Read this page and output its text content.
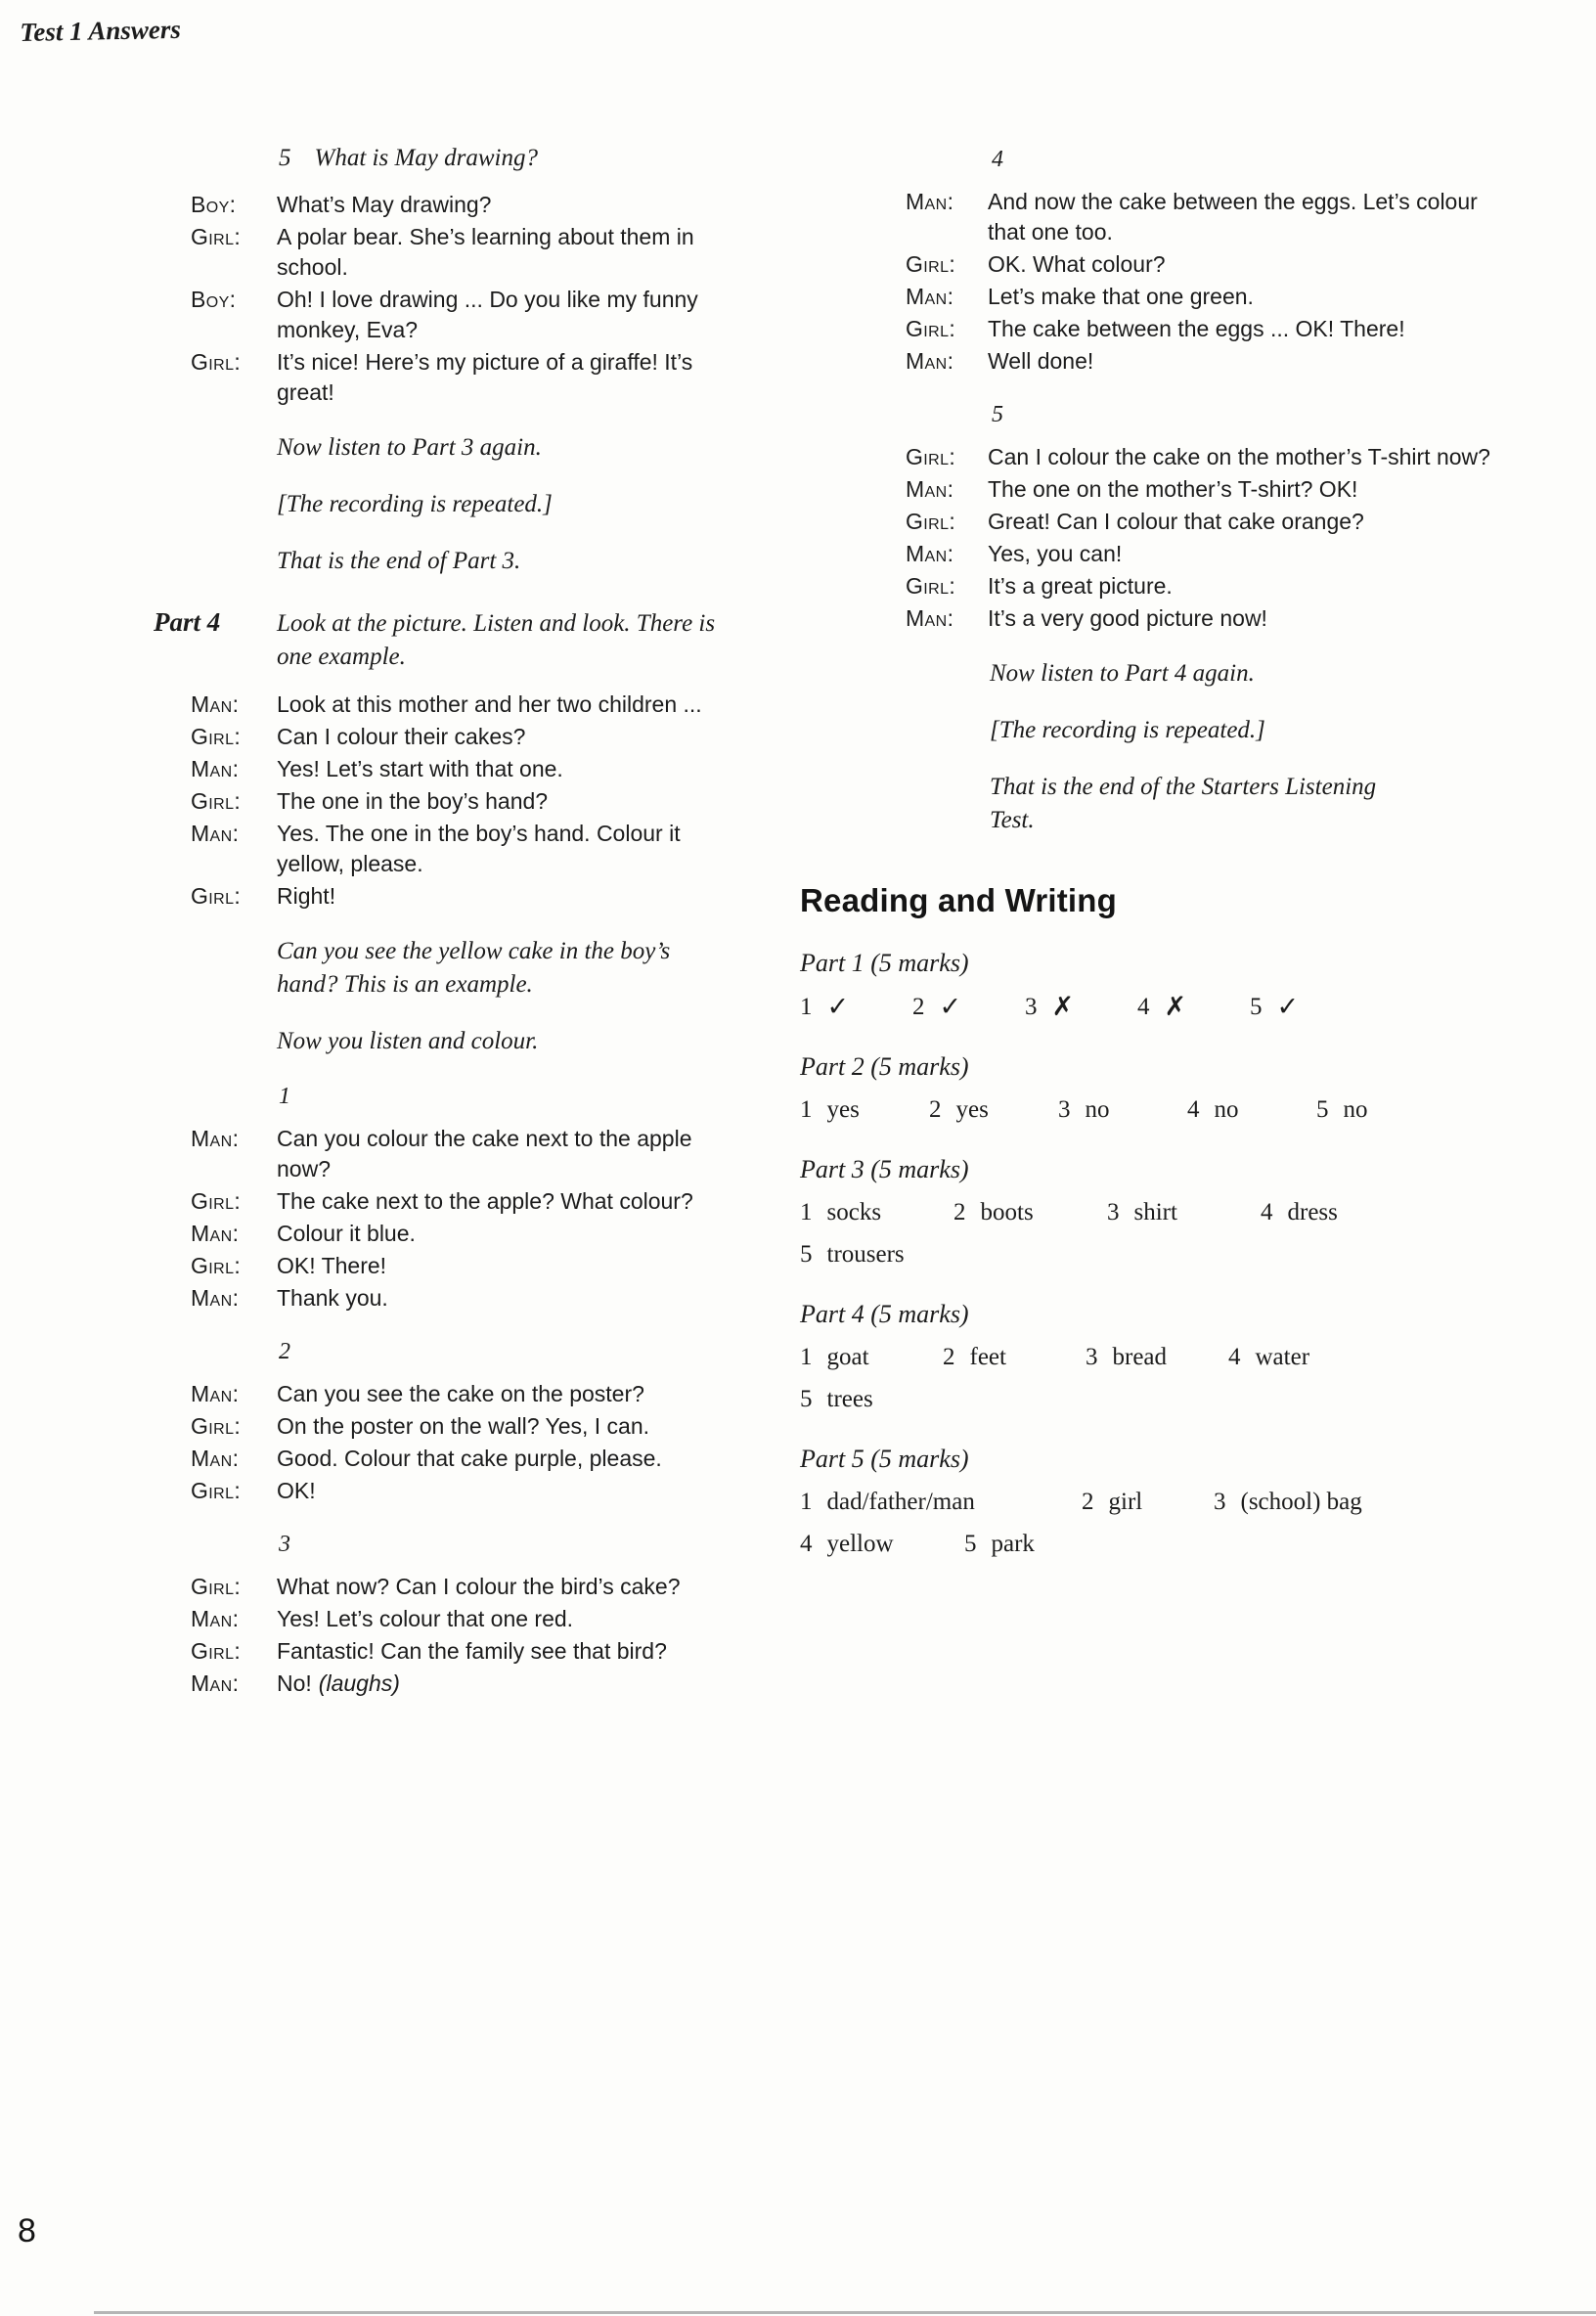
Test 1 Answers
5 What is May drawing?
Boy:	What’s May drawing?
Girl:	A polar bear. She’s learning about them in school.
Boy:	Oh! I love drawing ... Do you like my funny monkey, Eva?
Girl:	It’s nice! Here’s my picture of a giraffe! It’s great!

Now listen to Part 3 again.

[The recording is repeated.]

That is the end of Part 3.

Part 4	Look at the picture. Listen and look. There is one example.
Man:	Look at this mother and her two children ...
Girl:	Can I colour their cakes?
Man:	Yes! Let’s start with that one.
Girl:	The one in the boy’s hand?
Man:	Yes. The one in the boy’s hand. Colour it yellow, please.
Girl:	Right!

Can you see the yellow cake in the boy’s hand? This is an example.

Now you listen and colour.

1
Man:	Can you colour the cake next to the apple now?
Girl:	The cake next to the apple? What colour?
Man:	Colour it blue.
Girl:	OK! There!
Man:	Thank you.
2
Man:	Can you see the cake on the poster?
Girl:	On the poster on the wall? Yes, I can.
Man:	Good. Colour that cake purple, please.
Girl:	OK!
3
Girl:	What now? Can I colour the bird’s cake?
Man:	Yes! Let’s colour that one red.
Girl:	Fantastic! Can the family see that bird?
Man:	No! (laughs)
4
Man:	And now the cake between the eggs. Let’s colour that one too.
Girl:	OK. What colour?
Man:	Let’s make that one green.
Girl:	The cake between the eggs ... OK! There!
Man:	Well done!
5
Girl:	Can I colour the cake on the mother’s T-shirt now?
Man:	The one on the mother’s T-shirt? OK!
Girl:	Great! Can I colour that cake orange?
Man:	Yes, you can!
Girl:	It’s a great picture.
Man:	It’s a very good picture now!

Now listen to Part 4 again.

[The recording is repeated.]

That is the end of the Starters Listening Test.

Reading and Writing
Part 1 (5 marks)
1 ✓	2 ✓	3 ✗	4 ✗	5 ✓
Part 2 (5 marks)
1 yes	2 yes	3 no	4 no	5 no
Part 3 (5 marks)
1 socks	2 boots	3 shirt	4 dress
5 trousers
Part 4 (5 marks)
1 goat	2 feet	3 bread	4 water
5 trees
Part 5 (5 marks)
1 dad/father/man	2 girl	3 (school) bag
4 yellow	5 park
8
